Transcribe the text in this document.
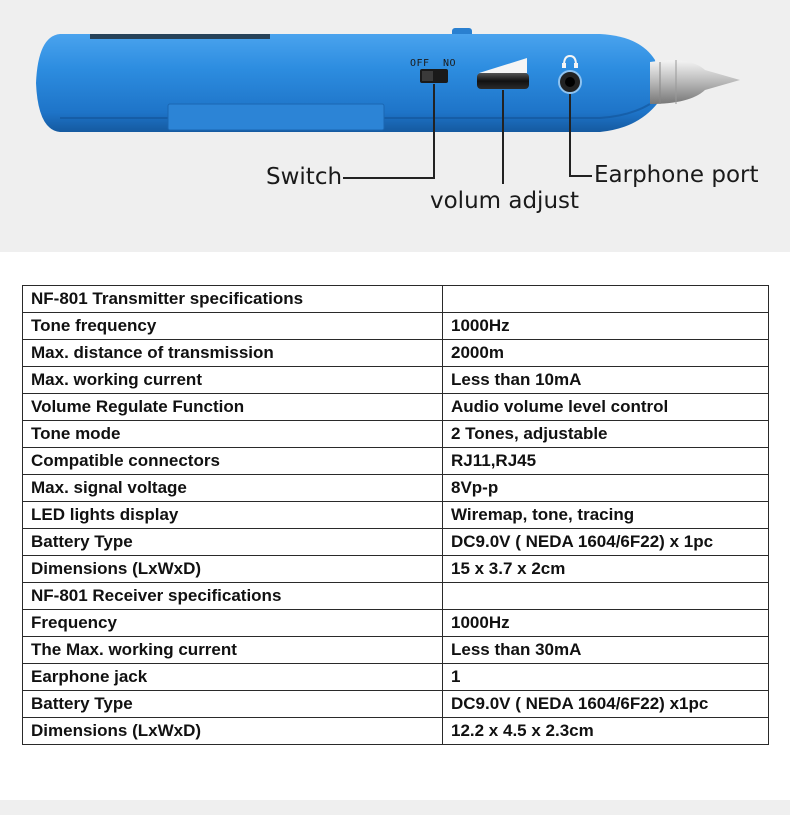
OFF NO
Switch
volum adjust
Earphone port
NF-801 Transmitter specifications	
Tone frequency	1000Hz
Max. distance of transmission	2000m
Max. working current	Less than 10mA
Volume Regulate Function	Audio volume level control
Tone mode	2 Tones, adjustable
Compatible connectors	RJ11,RJ45
Max. signal voltage	8Vp-p
LED lights display	Wiremap, tone, tracing
Battery Type	DC9.0V ( NEDA 1604/6F22) x 1pc
Dimensions (LxWxD)	15 x 3.7 x 2cm
NF-801 Receiver specifications	
Frequency	1000Hz
The Max. working current	Less than 30mA
Earphone jack	1
Battery Type	DC9.0V ( NEDA 1604/6F22) x1pc
Dimensions (LxWxD)	12.2 x 4.5 x 2.3cm
